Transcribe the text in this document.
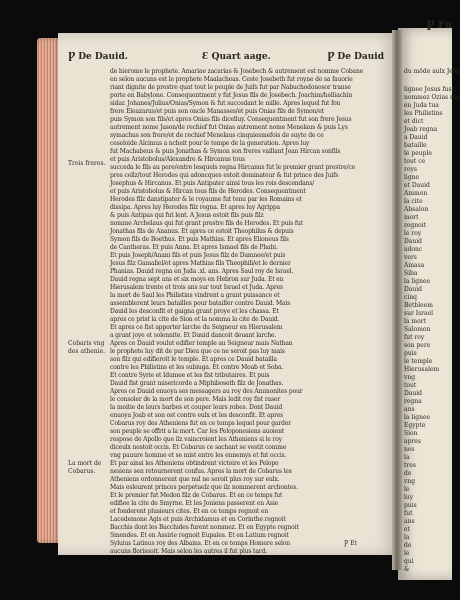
du mõde aulx Jeſu

lignee Jesus fust.

nommez Ozias roy

en Juda tua

les Philistins

et dict

Joab regna

a Dauid

bataille

le peuple

tout ce

roys

ligne

et Dauid

Ammon

la cite

Absalon

mort

regnoit

le roy

Dauid

adonc

vers

Amasa

Siba

la lignee

Dauid

cinq

Bethleem

sur Israel

la mort

Salomon

fut roy

son pere

puis

le temple

Hierusalem

vng

tout

Dauid

regna

ans

la lignee

Egypte

Sion

apres

nes

la

tres

de

vng

le

luy

puis

fut

ans

et

la

de

le

qui

&

Ƿ Fu
Ƿ De Dauid.	Ɛ Quart aage.	Ƿ De Dauid
Trois freres.
Cobaris vng des athenie.
La mort de Cobarus.

de hierome le prophete. Amariae zacarias & Josebech & autrement est nomme Cobane

en selon aucuns est le prophete Maalacheas. Ceste Josebeth fut royne de sa fauorie

riant dignite de prestre quat tout le peuple de Juifs fut par Nabuchodonosor transe

porte en Babylone. Consequentment y fut Jesus fils de Josebech. Joachim/helliachin

sidar. Johanes/Julius/Onias/Symon & fut succedant le mille. Apres lequel fut fon

frere Eleazarus/et puis son oncle Manasses/et puis Onias fils de Symon/et

puis Symon son fils/et apres Onias fils dicelluy. Consequentment fut son frere Jesus

autrement nome Jason/de rechief fut Onias autrement nome Menelaus & puis Lys

symachus son frere/et de rechief Menelaus cinquiesmefois de suyte de ce

ceseloide Alcimus a ncheit pour le tempe de la generation. Apres luy

fut Machabeus & puis Jonathas & Symon son freres vaillant Jean Hircan sonfils

et puis Aristobolus/Alexandre & Hircanus tous

succeda le fils au pere/entre lesquels regna Hircanus fut le premier grant prestre/ce

pres cellz/tout Herodes qui adoncques estoit dominateur & fut prince des Juifs

Josephus & Hircanus. Et puis Antipater ainsi tous les rois descendans/

et puis Aristobolus & Hircan tous fils de Herodes. Consequentment

Herodes filz danstipater & le royaume fut tenu par les Romains et

dissipa. Apres luy Herodes filz regna. Et apres luy Agrippa

& puis Antipas qui fut lent. A Jesus estoit fils puis filz

nomme Archelaus qui fut grant prestre fils de Herodes. Et puis fut

Jonathas fils de Ananus. Et apres ce estoit Theophilus & depuis

Symon fils de Boethus. Et puis Mathias. Et apres Elioneus fils

de Cantheras. Et puis Anna. Et apres Ismael fils de Phabi.

Et puis Joseph/Anani fils et puis Jesus filz de Damnee/et puis

Jesus filz Gamaliel/et apres Mathias fils Theophili/et le dernier

Phanias. Dauid regna en Juda .xl. ans. Apres Saul roy de Israel.

Dauid regna sept ans et six moys en Hebron sur Juda. Et en

Hierusalem trente et trois ans sur tout Israel et Juda. Apres

la mort de Saul les Philistins vindrent a grant puissance et

assemblerent leurs batailles pour batailler contre Dauid. Mais

Dauid les desconfit et gaigna grant proye et les chassa. Et

apres ce prist la cite de Sion et la nomma la cite de Dauid.

Et apres ce fist apporter larche du Seigneur en Hierusalem

a grant joye et solennite. Et Dauid dancoit deuant larche.

Apres ce Dauid voulut edifier temple au Seigneur mais Nathan

le prophete luy dit de par Dieu que ce ne seroit pas luy mais

son filz qui edifieroit le temple. Et apres ce Dauid batailla

contre les Philistins et les subiuga. Et contre Moab et Soba.

Et contre Syrie et Idumee et les fist tributaires. Et puis

Dauid fist grant misericorde a Miphiboseth filz de Jonathas.

Apres ce Dauid enuoya ses messagers au roy des Ammonites pour

le consoler de la mort de son pere. Mais ledit roy fist raser

la moitie de leurs barbes et couper leurs robes. Dont Dauid

enuoya Joab et son ost contre eulx et les desconfit. Et apres

Cobarus roy des Atheniens fut en ce temps lequel pour garder

son peuple se offrit a la mort. Car les Peloponesiens auoient

respose de Apollo que ilz vaincroient les Atheniens si le roy

diceulx nestoit occis. Et Cobarus ce sachant se vestit comme

vng pauure homme et se mist entre les ennemys et fut occis.

Et par ainsi les Atheniens obtindrent victoire et les Pelopo

nesiens sen retournerent confus. Apres la mort de Cobarus les

Atheniens ordonnerent que nul ne seroit plus roy sur eulx.

Mais esleurent princes perpetuelz que ilz nommerent archontes.

Et le premier fut Medon filz de Cobarus. Et en ce temps fut

edifiee la cite de Smyrne. Et les Joniens passerent en Asie

et fonderent plusieurs cites. Et en ce temps regnoit en

Lacedemone Agis et puis Archidamus et en Corinthe regnoit

Bacchis dont les Bacchides furent nommez. Et en Egypte regnoit

Smendes. Et en Assirie regnoit Eupales. Et en Latium regnoit

Syluius Latinus roy des Albains. Et en ce temps Homere selon

aucuns florissoit. Mais selon les autres il fut plus tard.

Ƿ Et
